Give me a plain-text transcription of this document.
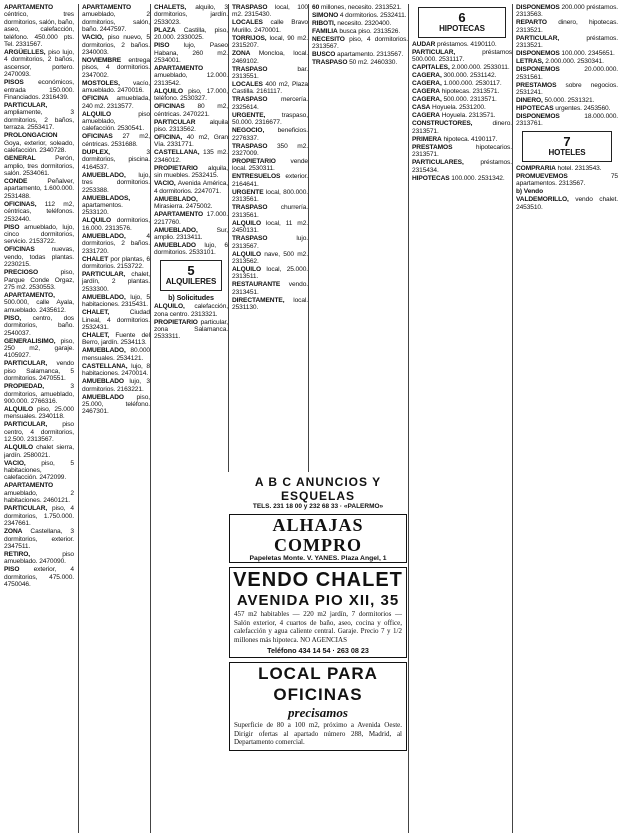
APARTAMENTO céntrico, tres dormitorios, salón, baño, aseo, calefacción, teléfono. 450.000 pts. Tel. 2331567.

ARGÜELLES, piso lujo, 4 dormitorios, 2 baños, ascensor, portero. 2470093.

PISOS económicos, entrada 150.000. Financiados. 2316439.

PARTICULAR, ampliamente, 3 dormitorios, 2 baños, terraza. 2553417.

PROLONGACION Goya, exterior, soleado, calefacción. 2340728.

GENERAL Perón, amplio, tres dormitorios, salón. 2534061.

CONDE Peñalver, apartamento, 1.600.000. 2531488.

OFICINAS, 112 m2, céntricas, teléfonos. 2532440.

PISO amueblado, lujo, cinco dormitorios, servicio. 2153722.

OFICINAS nuevas, vendo, todas plantas. 2230215.

PRECIOSO piso, Parque Conde Orgaz, 275 m2. 2530553.

APARTAMENTO, 500.000, calle Ayala, amueblado. 2435612.

PISO, centro, dos dormitorios, baño. 2540037.

GENERALISIMO, piso, 250 m2, garaje. 4105927.

PARTICULAR, vendo piso Salamanca, 5 dormitorios. 2470551.

PROPIEDAD, 3 dormitorios, amueblado, 900.000. 2766316.

ALQUILO piso, 25.000 mensuales. 2340118.

PARTICULAR, piso centro, 4 dormitorios, 12.500. 2313567.

ALQUILO chalet sierra, jardín. 2580021.

VACIO, piso, 5 habitaciones, calefacción. 2472099.

APARTAMENTO amueblado, 2 habitaciones. 2460121.

PARTICULAR, piso, 4 dormitorios, 1.750.000. 2347661.

ZONA Castellana, 3 dormitorios, exterior. 2347511.

RETIRO, piso amueblado. 2470090.

PISO exterior, 4 dormitorios, 475.000. 4750046.

APARTAMENTO amueblado, 2 dormitorios, salón, baño. 2447597.

VACIO, piso nuevo, 5 dormitorios, 2 baños. 2340003.

NOVIEMBRE entrega pisos, 4 dormitorios. 2347002.

MOSTOLES, vacío, amueblado. 2470016.

OFICINA amueblada, 240 m2. 2313577.

ALQUILO piso amueblado, calefacción. 2530541.

OFICINAS 27 m2, céntricas. 2531688.

DUPLEX, 3 dormitorios, piscina. 4164537.

AMUEBLADO, lujo, tres dormitorios. 2253388.

AMUEBLADOS, apartamentos. 2533120.

ALQUILO dormitorios, 16.000. 2313576.

AMUEBLADO, 4 dormitorios, 2 baños. 2331720.

CHALET por plantas, 6 dormitorios. 2153722.

PARTICULAR, chalet, jardín, 2 plantas. 2533300.

AMUEBLADO, lujo, 5 habitaciones. 2315431.

CHALET, Ciudad Lineal, 4 dormitorios. 2532431.

CHALET, Fuente del Berro, jardín. 2534113.

AMUEBLADO, 80.000 mensuales. 2534121.

CASTELLANA, lujo, 8 habitaciones. 2470014.

AMUEBLADO lujo, 3 dormitorios. 2163221.

AMUEBLADO piso, 25.000, teléfono. 2467301.

CHALETS, alquilo, 3 dormitorios, jardín. 2533023.

PLAZA Castilla, piso, 20.000. 2330025.

PISO lujo, Paseo Habana, 260 m2. 2534001.

APARTAMENTO amueblado, 12.000. 2313542.

ALQUILO piso, 17.000, teléfono. 2530327.

OFICINAS 80 m2, céntricas. 2470221.

PARTICULAR alquila piso. 2313562.

OFICINA, 40 m2, Gran Vía. 2331771.

CASTELLANA, 135 m2. 2346012.

PROPIETARIO alquila, sin muebles. 2532415.

VACIO, Avenida América, 4 dormitorios. 2247071.

AMUEBLADO, Mirasierra. 2475002.

APARTAMENTO 17.000. 2217760.

AMUEBLADO, Sur, amplio. 2313411.

AMUEBLADO lujo, 6 dormitorios. 2533101.

5
ALQUILERES
b) Solicitudes

ALQUILO, calefacción, zona centro. 2313321.

PROPIETARIO particular, zona Salamanca. 2533311.

TRASPASO local, 100 m2. 2315430.

LOCALES calle Bravo Murillo. 2470001.

TORRIJOS, local, 90 m2. 2315207.

ZONA Moncloa, local. 2469102.

TRASPASO bar. 2313551.

LOCALES 400 m2, Plaza Castilla. 2161117.

TRASPASO mercería. 2325614.

URGENTE, traspaso, 50.000. 2316677.

NEGOCIO, beneficios. 2276337.

TRASPASO 350 m2. 2327009.

PROPIETARIO vende local. 2530311.

ENTRESUELOS exterior. 2164641.

URGENTE local, 800.000. 2313561.

TRASPASO churrería. 2313561.

ALQUILO local, 11 m2. 2450131.

TRASPASO lujo. 2313567.

ALQUILO nave, 500 m2. 2313562.

ALQUILO local, 25.000. 2313511.

RESTAURANTE vendo. 2313451.

DIRECTAMENTE, local. 2531130.

60 millones, necesito. 2313521.

SIMONO 4 dormitorios. 2532411.

RIBOTI, necesito. 2320400.

FAMILIA busca piso. 2313526.

NECESITO piso, 4 dormitorios. 2313567.

BUSCO apartamento. 2313567.

TRASPASO 50 m2. 2460330.

6
HIPOTECAS

AUDAR préstamos. 4190110.

PARTICULAR, préstamos 500.000. 2531117.

CAPITALES, 2.000.000. 2533011.

CAGERA, 300.000. 2531142.

CAGERA, 1.000.000. 2530117.

CAGERA hipotecas. 2313571.

CAGERA, 500.000. 2313571.

CASA Hoyuela. 2531200.

CAGERA Hoyuela. 2313571.

CONSTRUCTORES, dinero. 2313571.

PRIMERA hipoteca. 4190117.

PRESTAMOS hipotecarios. 2313571.

PARTICULARES, préstamos. 2315434.

HIPOTECAS 100.000. 2531342.

DISPONEMOS 200.000 préstamos. 2313563.

REPARTO dinero, hipotecas. 2313521.

PARTICULAR, préstamos. 2313521.

DISPONEMOS 100.000. 2345651.

LETRAS, 2.000.000. 2530341.

DISPONEMOS 20.000.000. 2531561.

PRESTAMOS sobre negocios. 2531241.

DINERO, 50.000. 2531321.

HIPOTECAS urgentes. 2453560.

DISPONEMOS 18.000.000. 2313761.

7
HOTELES

COMPRARIA hotel. 2313543.

PROMUEVEMOS 75 apartamentos. 2313567.

b) Vendo

VALDEMORILLO, vendo chalet. 2453510.

A B C ANUNCIOS Y ESQUELAS
TELS. 231 18 00 y 232 68 33 · «PALERMO»
ALHAJAS COMPRO
Papeletas Monte. V. YANES. Plaza Angel, 1
VENDO CHALET
AVENIDA PIO XII, 35
457 m2 habitables — 220 m2 jardín, 7 dormitorios — Salón exterior, 4 cuartos de baño, aseo, cocina y office, calefacción y agua caliente central. Garaje. Precio 7 y 1/2 millones más hipoteca. NO AGENCIAS
Teléfono 434 14 54 · 263 08 23
LOCAL PARA OFICINAS
precisamos
Superficie de 80 a 100 m2, próximo a Avenida Oeste. Dirigir ofertas al apartado número 288, Madrid, al Departamento comercial.
